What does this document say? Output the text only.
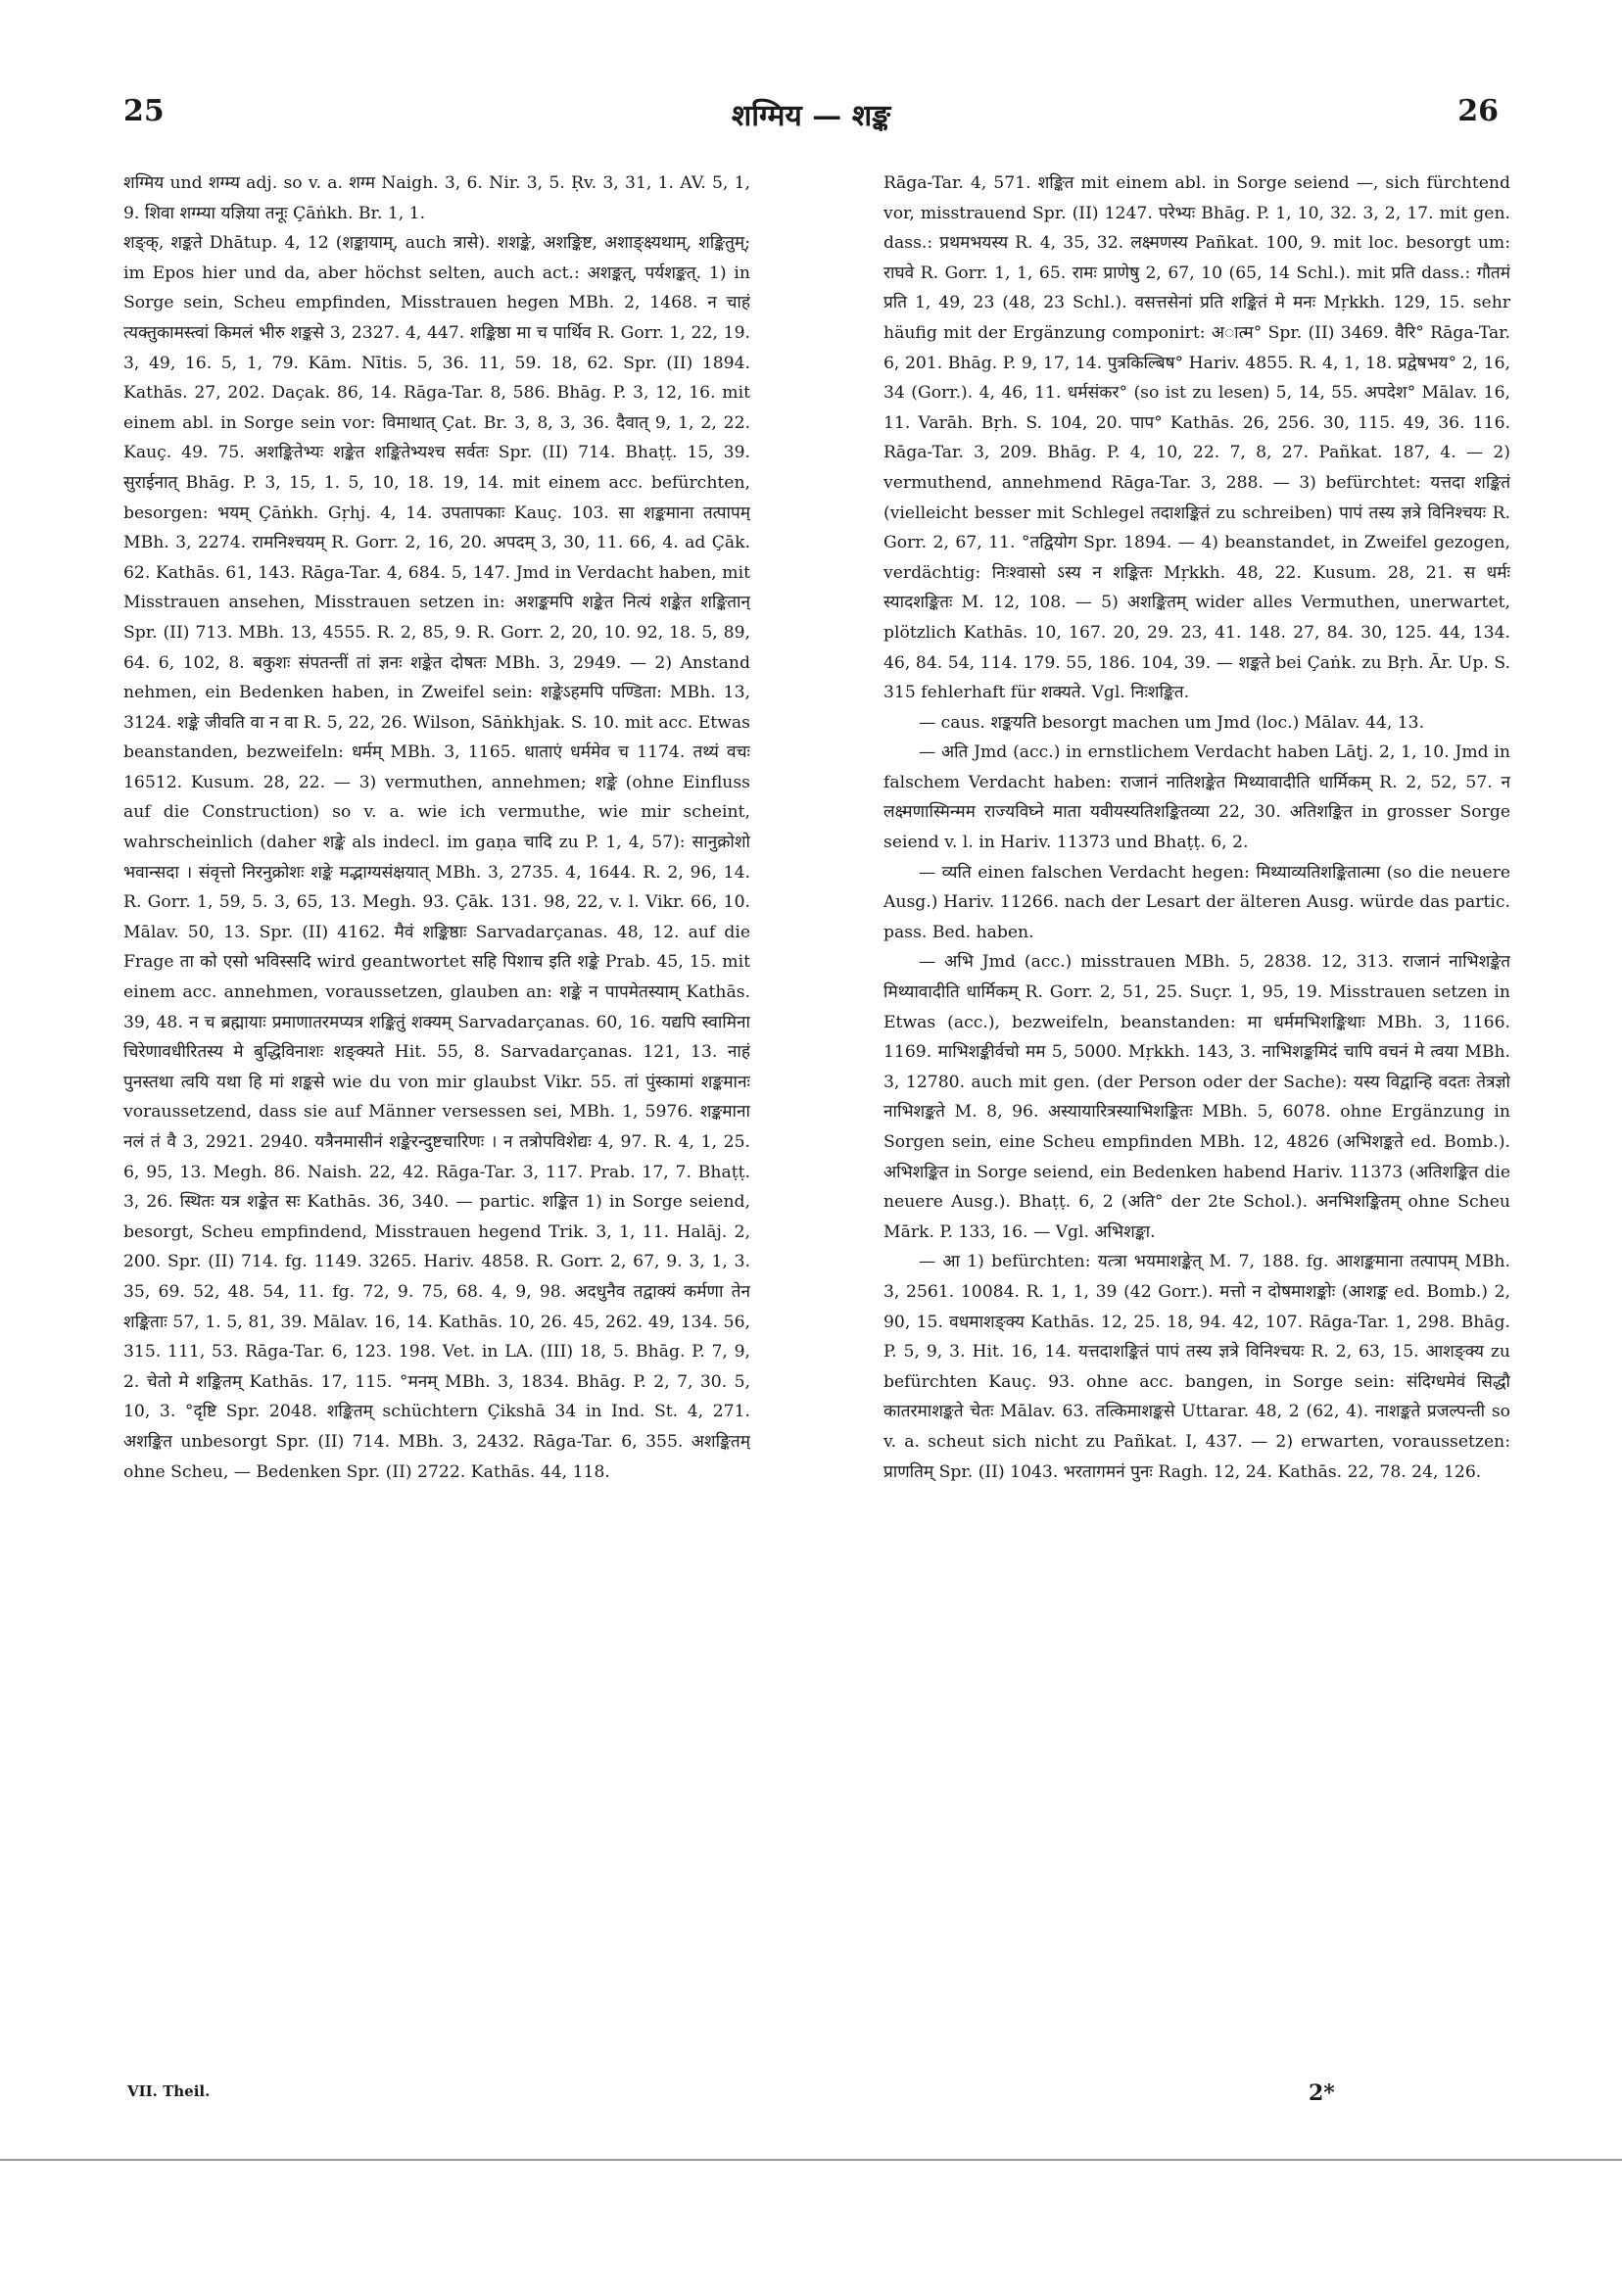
25	शग्मिय — शङ्क	26

शग्मिय und शग्म्य adj. so v. a. शग्म Naigh. 3, 6. Nir. 3, 5. Ṛv. 3, 31, 1. AV. 5, 1, 9. शिवा शग्म्या यज्ञिया तनूः Çāṅkh. Br. 1, 1.

शङ्क्, शङ्कते Dhātup. 4, 12 (शङ्कायाम्, auch त्रासे). शशङ्के, अशङ्किष्ट, अशाङ्क्ष्यथाम्, शङ्कितुम्; im Epos hier und da, aber höchst selten, auch act.: अशङ्कत्, पर्यशङ्कत्. 1) in Sorge sein, Scheu empfinden, Misstrauen hegen MBh. 2, 1468. न चाहं त्यक्तुकामस्त्वां किमलं भीरु शङ्कसे 3, 2327. 4, 447. शङ्किष्ठा मा च पार्थिव R. Gorr. 1, 22, 19. 3, 49, 16. 5, 1, 79. Kām. Nītis. 5, 36. 11, 59. 18, 62. Spr. (II) 1894. Kathās. 27, 202. Daçak. 86, 14. Rāga-Tar. 8, 586. Bhāg. P. 3, 12, 16. mit einem abl. in Sorge sein vor: विमाथात् Çat. Br. 3, 8, 3, 36. दैवात् 9, 1, 2, 22. Kauç. 49. 75. अशङ्कितेभ्यः शङ्केत शङ्कितेभ्यश्च सर्वतः Spr. (II) 714. Bhaṭṭ. 15, 39. सुराईनात् Bhāg. P. 3, 15, 1. 5, 10, 18. 19, 14. mit einem acc. befürchten, besorgen: भयम् Çāṅkh. Gṛhj. 4, 14. उपतापकाः Kauç. 103. सा शङ्कमाना तत्पापम् MBh. 3, 2274. रामनिश्चयम् R. Gorr. 2, 16, 20. अपदम् 3, 30, 11. 66, 4. ad Çāk. 62. Kathās. 61, 143. Rāga-Tar. 4, 684. 5, 147. Jmd in Verdacht haben, mit Misstrauen ansehen, Misstrauen setzen in: अशङ्कमपि शङ्केत नित्यं शङ्केत शङ्कितान् Spr. (II) 713. MBh. 13, 4555. R. 2, 85, 9. R. Gorr. 2, 20, 10. 92, 18. 5, 89, 64. 6, 102, 8. बकुशः संपतन्तीं तां ज्ञनः शङ्केत दोषतः MBh. 3, 2949. — 2) Anstand nehmen, ein Bedenken haben, in Zweifel sein: शङ्केऽहमपि पण्डिता: MBh. 13, 3124. शङ्के जीवति वा न वा R. 5, 22, 26. Wilson, Sāṅkhjak. S. 10. mit acc. Etwas beanstanden, bezweifeln: धर्मम् MBh. 3, 1165. धाताएं धर्ममेव च 1174. तथ्यं वचः 16512. Kusum. 28, 22. — 3) vermuthen, annehmen; शङ्के (ohne Einfluss auf die Construction) so v. a. wie ich vermuthe, wie mir scheint, wahrscheinlich (daher शङ्के als indecl. im gaṇa चादि zu P. 1, 4, 57): सानुक्रोशो भवान्सदा । संवृत्तो निरनुक्रोशः शङ्के मद्भाग्यसंक्षयात् MBh. 3, 2735. 4, 1644. R. 2, 96, 14. R. Gorr. 1, 59, 5. 3, 65, 13. Megh. 93. Çāk. 131. 98, 22, v. l. Vikr. 66, 10. Mālav. 50, 13. Spr. (II) 4162. मैवं शङ्किष्ठाः Sarvadarçanas. 48, 12. auf die Frage ता को एसो भविस्सदि wird geantwortet सहि पिशाच इति शङ्के Prab. 45, 15. mit einem acc. annehmen, voraussetzen, glauben an: शङ्के न पापमेतस्याम् Kathās. 39, 48. न च ब्रह्मायाः प्रमाणातरमप्यत्र शङ्कितुं शक्यम् Sarvadarçanas. 60, 16. यद्यपि स्वामिना चिरेणावधीरितस्य मे बुद्धिविनाशः शङ्क्यते Hit. 55, 8. Sarvadarçanas. 121, 13. नाहं पुनस्तथा त्वयि यथा हि मां शङ्कसे wie du von mir glaubst Vikr. 55. तां पुंस्कामां शङ्कमानः voraussetzend, dass sie auf Männer versessen sei, MBh. 1, 5976. शङ्कमाना नलं तं वै 3, 2921. 2940. यत्रैनमासीनं शङ्केरन्दुष्टचारिणः । न तत्रोपविशेद्यः 4, 97. R. 4, 1, 25. 6, 95, 13. Megh. 86. Naish. 22, 42. Rāga-Tar. 3, 117. Prab. 17, 7. Bhaṭṭ. 3, 26. स्थितः यत्र शङ्केत सः Kathās. 36, 340. — partic. शङ्कित 1) in Sorge seiend, besorgt, Scheu empfindend, Misstrauen hegend Trik. 3, 1, 11. Halāj. 2, 200. Spr. (II) 714. fg. 1149. 3265. Hariv. 4858. R. Gorr. 2, 67, 9. 3, 1, 3. 35, 69. 52, 48. 54, 11. fg. 72, 9. 75, 68. 4, 9, 98. अदधुनैव तद्वाक्यं कर्मणा तेन शङ्किताः 57, 1. 5, 81, 39. Mālav. 16, 14. Kathās. 10, 26. 45, 262. 49, 134. 56, 315. 111, 53. Rāga-Tar. 6, 123. 198. Vet. in LA. (III) 18, 5. Bhāg. P. 7, 9, 2. चेतो मे शङ्कितम् Kathās. 17, 115. °मनम् MBh. 3, 1834. Bhāg. P. 2, 7, 30. 5, 10, 3. °दृष्टि Spr. 2048. शङ्कितम् schüchtern Çikshā 34 in Ind. St. 4, 271. अशङ्कित unbesorgt Spr. (II) 714. MBh. 3, 2432. Rāga-Tar. 6, 355. अशङ्कितम् ohne Scheu, — Bedenken Spr. (II) 2722. Kathās. 44, 118.

Rāga-Tar. 4, 571. शङ्कित mit einem abl. in Sorge seiend —, sich fürchtend vor, misstrauend Spr. (II) 1247. परेभ्यः Bhāg. P. 1, 10, 32. 3, 2, 17. mit gen. dass.: प्रथमभयस्य R. 4, 35, 32. लक्ष्मणस्य Pañkat. 100, 9. mit loc. besorgt um: राघवे R. Gorr. 1, 1, 65. रामः प्राणेषु 2, 67, 10 (65, 14 Schl.). mit प्रति dass.: गौतमं प्रति 1, 49, 23 (48, 23 Schl.). वसत्तसेनां प्रति शङ्कितं मे मनः Mṛkkh. 129, 15. sehr häufig mit der Ergänzung componirt: अात्म° Spr. (II) 3469. वैरि° Rāga-Tar. 6, 201. Bhāg. P. 9, 17, 14. पुत्रकिल्बिष° Hariv. 4855. R. 4, 1, 18. प्रद्वेषभय° 2, 16, 34 (Gorr.). 4, 46, 11. धर्मसंकर° (so ist zu lesen) 5, 14, 55. अपदेश° Mālav. 16, 11. Varāh. Bṛh. S. 104, 20. पाप° Kathās. 26, 256. 30, 115. 49, 36. 116. Rāga-Tar. 3, 209. Bhāg. P. 4, 10, 22. 7, 8, 27. Pañkat. 187, 4. — 2) vermuthend, annehmend Rāga-Tar. 3, 288. — 3) befürchtet: यत्तदा शङ्कितं (vielleicht besser mit Schlegel तदाशङ्कितं zu schreiben) पापं तस्य ज्ञत्रे विनिश्चयः R. Gorr. 2, 67, 11. °तद्वियोग Spr. 1894. — 4) beanstandet, in Zweifel gezogen, verdächtig: निःश्वासो ऽस्य न शङ्कितः Mṛkkh. 48, 22. Kusum. 28, 21. स धर्मः स्यादशङ्कितः M. 12, 108. — 5) अशङ्कितम् wider alles Vermuthen, unerwartet, plötzlich Kathās. 10, 167. 20, 29. 23, 41. 148. 27, 84. 30, 125. 44, 134. 46, 84. 54, 114. 179. 55, 186. 104, 39. — शङ्कते bei Çaṅk. zu Bṛh. Ār. Up. S. 315 fehlerhaft für शक्यते. Vgl. निःशङ्कित.

— caus. शङ्कयति besorgt machen um Jmd (loc.) Mālav. 44, 13.

— अति Jmd (acc.) in ernstlichem Verdacht haben Lāṭj. 2, 1, 10. Jmd in falschem Verdacht haben: राजानं नातिशङ्केत मिथ्यावादीति धार्मिकम् R. 2, 52, 57. न लक्ष्मणास्मिन्मम राज्यविघ्ने माता यवीयस्यतिशङ्कितव्या 22, 30. अतिशङ्कित in grosser Sorge seiend v. l. in Hariv. 11373 und Bhaṭṭ. 6, 2.

— व्यति einen falschen Verdacht hegen: मिथ्याव्यतिशङ्कितात्मा (so die neuere Ausg.) Hariv. 11266. nach der Lesart der älteren Ausg. würde das partic. pass. Bed. haben.

— अभि Jmd (acc.) misstrauen MBh. 5, 2838. 12, 313. राजानं नाभिशङ्केत मिथ्यावादीति धार्मिकम् R. Gorr. 2, 51, 25. Suçr. 1, 95, 19. Misstrauen setzen in Etwas (acc.), bezweifeln, beanstanden: मा धर्ममभिशङ्किथाः MBh. 3, 1166. 1169. माभिशङ्कीर्वचो मम 5, 5000. Mṛkkh. 143, 3. नाभिशङ्कमिदं चापि वचनं मे त्वया MBh. 3, 12780. auch mit gen. (der Person oder der Sache): यस्य विद्वान्हि वदतः तेत्रज्ञो नाभिशङ्कते M. 8, 96. अस्यायारित्रस्याभिशङ्कितः MBh. 5, 6078. ohne Ergänzung in Sorgen sein, eine Scheu empfinden MBh. 12, 4826 (अभिशङ्कते ed. Bomb.). अभिशङ्कित in Sorge seiend, ein Bedenken habend Hariv. 11373 (अतिशङ्कित die neuere Ausg.). Bhaṭṭ. 6, 2 (अति° der 2te Schol.). अनभिशङ्कितम् ohne Scheu Mārk. P. 133, 16. — Vgl. अभिशङ्का.

— आ 1) befürchten: यत्त्रा भयमाशङ्केत् M. 7, 188. fg. आशङ्कमाना तत्पापम् MBh. 3, 2561. 10084. R. 1, 1, 39 (42 Gorr.). मत्तो न दोषमाशङ्कोः (आशङ्क ed. Bomb.) 2, 90, 15. वधमाशङ्क्य Kathās. 12, 25. 18, 94. 42, 107. Rāga-Tar. 1, 298. Bhāg. P. 5, 9, 3. Hit. 16, 14. यत्तदाशङ्कितं पापं तस्य ज्ञत्रे विनिश्चयः R. 2, 63, 15. आशङ्क्य zu befürchten Kauç. 93. ohne acc. bangen, in Sorge sein: संदिग्धमेवं सिद्धौ कातरमाशङ्कते चेतः Mālav. 63. तत्किमाशङ्कसे Uttarar. 48, 2 (62, 4). नाशङ्कते प्रजल्पन्ती so v. a. scheut sich nicht zu Pañkat. I, 437. — 2) erwarten, voraussetzen: प्राणतिम् Spr. (II) 1043. भरतागमनं पुनः Ragh. 12, 24. Kathās. 22, 78. 24, 126.

VII. Theil.	2*
